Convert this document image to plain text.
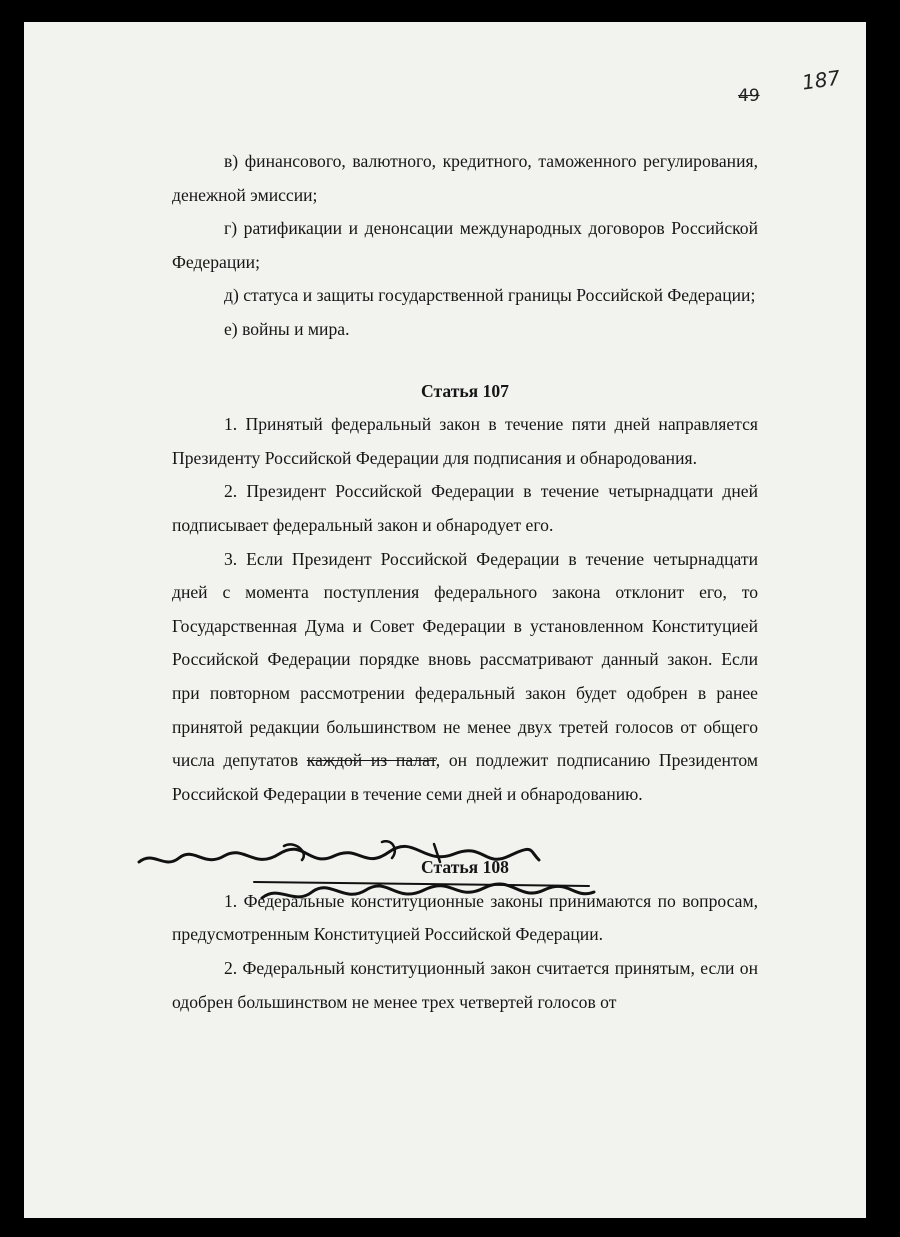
49
187

в) финансового, валютного, кредитного, таможенного регулирования, денежной эмиссии;

г) ратификации и денонсации международных договоров Российской Федерации;

д) статуса и защиты государственной границы Российской Федерации;

е) войны и мира.

Статья 107

1. Принятый федеральный закон в течение пяти дней направляется Президенту Российской Федерации для подписания и обнародования.

2. Президент Российской Федерации в течение четырнадцати дней подписывает федеральный закон и обнародует его.

3. Если Президент Российской Федерации в течение четырнадцати дней с момента поступления федерального закона отклонит его, то Государственная Дума и Совет Федерации в установленном Конституцией Российской Федерации порядке вновь рассматривают данный закон. Если при повторном рассмотрении федеральный закон будет одобрен в ранее принятой редакции большинством не менее двух третей голосов от общего числа депутатов каждой из палат, он подлежит подписанию Президентом Российской Федерации в течение семи дней и обнародованию.

Статья 108

1. Федеральные конституционные законы принимаются по вопросам, предусмотренным Конституцией Российской Федерации.

2. Федеральный конституционный закон считается принятым, если он одобрен большинством не менее трех четвертей голосов от
